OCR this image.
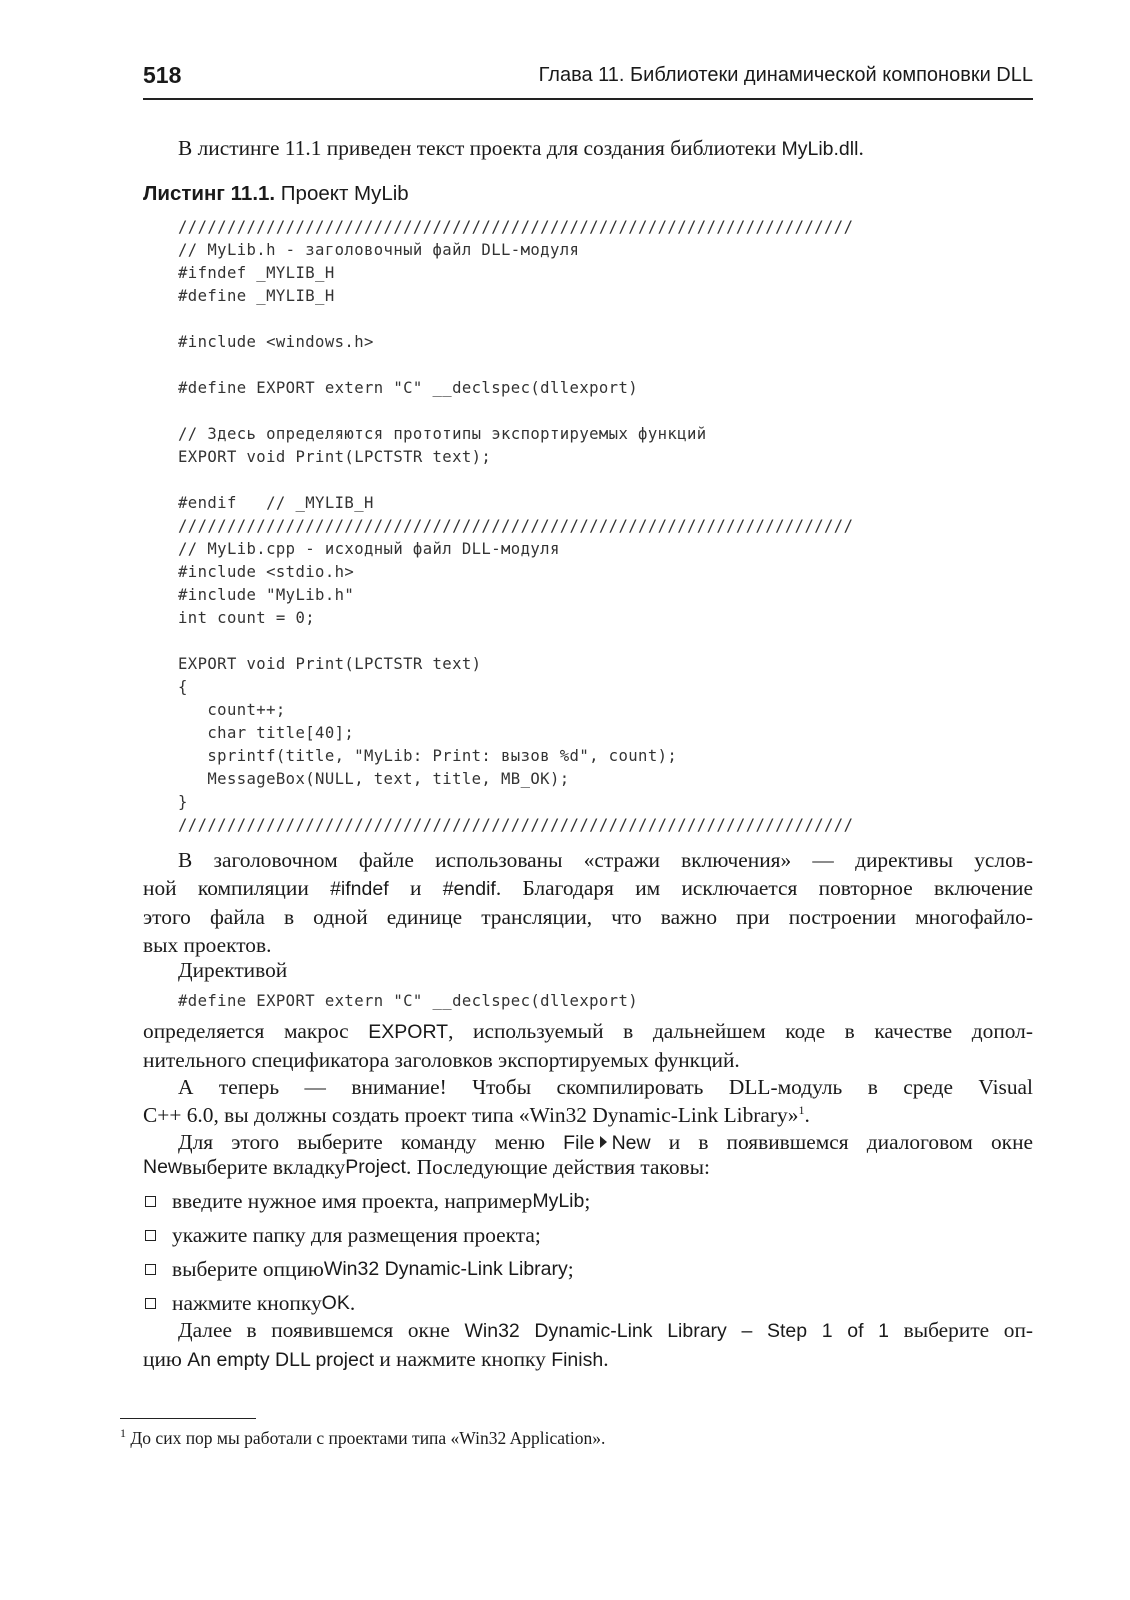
518	Глава 11. Библиотеки динамической компоновки DLL

В листинге 11.1 приведен текст проекта для создания библиотеки MyLib.dll.

Листинг 11.1. Проект MyLib

/////////////////////////////////////////////////////////////////////
// MyLib.h - заголовочный файл DLL-модуля
#ifndef _MYLIB_H
#define _MYLIB_H

#include <windows.h>

#define EXPORT extern "C" __declspec(dllexport)

// Здесь определяются прототипы экспортируемых функций
EXPORT void Print(LPCTSTR text);

#endif   // _MYLIB_H
/////////////////////////////////////////////////////////////////////
// MyLib.cpp - исходный файл DLL-модуля
#include <stdio.h>
#include "MyLib.h"
int count = 0;

EXPORT void Print(LPCTSTR text)
{
count++;
char title[40];
sprintf(title, "MyLib: Print: вызов %d", count);
MessageBox(NULL, text, title, MB_OK);
}
/////////////////////////////////////////////////////////////////////

В заголовочном файле использованы «стражи включения» — директивы услов-
ной компиляции #ifndef и #endif. Благодаря им исключается повторное включение
этого файла в одной единице трансляции, что важно при построении многофайло-
вых проектов.

Директивой

#define EXPORT extern "C" __declspec(dllexport)

определяется макрос EXPORT, используемый в дальнейшем коде в качестве допол-
нительного спецификатора заголовков экспортируемых функций.

А теперь — внимание! Чтобы скомпилировать DLL-модуль в среде Visual
C++ 6.0, вы должны создать проект типа «Win32 Dynamic-Link Library»$^1$.

Для этого выберите команду меню File New и в появившемся диалоговом окне

New выберите вкладку Project . Последующие действия таковы:
введите нужное имя проекта, например MyLib ;
укажите папку для размещения проекта;
выберите опцию Win32 Dynamic-Link Library ;
нажмите кнопку OK .

Далее в появившемся окне Win32 Dynamic-Link Library – Step 1 of 1 выберите оп-
цию An empty DLL project и нажмите кнопку Finish.

$^1$ До сих пор мы работали с проектами типа «Win32 Application».
